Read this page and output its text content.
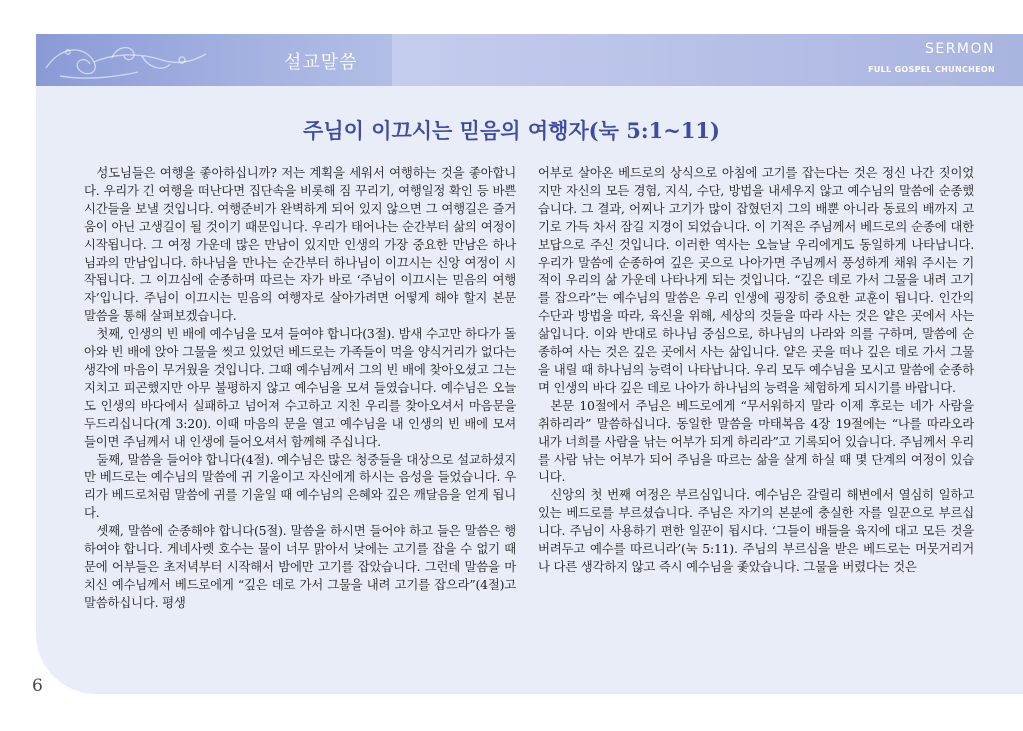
설교말씀
SERMON
FULL GOSPEL CHUNCHEON
주님이 이끄시는 믿음의 여행자(눅 5:1~11)

성도님들은 여행을 좋아하십니까? 저는 계획을 세워서 여행하는 것을 좋아합니다. 우리가 긴 여행을 떠난다면 집단속을 비롯해 짐 꾸리기, 여행일정 확인 등 바쁜 시간들을 보낼 것입니다. 여행준비가 완벽하게 되어 있지 않으면 그 여행길은 즐거움이 아닌 고생길이 될 것이기 때문입니다. 우리가 태어나는 순간부터 삶의 여정이 시작됩니다. 그 여정 가운데 많은 만남이 있지만 인생의 가장 중요한 만남은 하나님과의 만남입니다. 하나님을 만나는 순간부터 하나님이 이끄시는 신앙 여정이 시작됩니다. 그 이끄심에 순종하며 따르는 자가 바로 ‘주님이 이끄시는 믿음의 여행자’입니다. 주님이 이끄시는 믿음의 여행자로 살아가려면 어떻게 해야 할지 본문 말씀을 통해 살펴보겠습니다.

첫째, 인생의 빈 배에 예수님을 모셔 들여야 합니다(3절). 밤새 수고만 하다가 돌아와 빈 배에 앉아 그물을 씻고 있었던 베드로는 가족들이 먹을 양식거리가 없다는 생각에 마음이 무거웠을 것입니다. 그때 예수님께서 그의 빈 배에 찾아오셨고 그는 지치고 피곤했지만 아무 불평하지 않고 예수님을 모셔 들였습니다. 예수님은 오늘도 인생의 바다에서 실패하고 넘어져 수고하고 지친 우리를 찾아오셔서 마음문을 두드리십니다(계 3:20). 이때 마음의 문을 열고 예수님을 내 인생의 빈 배에 모셔 들이면 주님께서 내 인생에 들어오셔서 함께해 주십니다.

둘째, 말씀을 들어야 합니다(4절). 예수님은 많은 청중들을 대상으로 설교하셨지만 베드로는 예수님의 말씀에 귀 기울이고 자신에게 하시는 음성을 들었습니다. 우리가 베드로처럼 말씀에 귀를 기울일 때 예수님의 은혜와 깊은 깨달음을 얻게 됩니다.

셋째, 말씀에 순종해야 합니다(5절). 말씀을 하시면 들어야 하고 들은 말씀은 행하여야 합니다. 게네사렛 호수는 물이 너무 맑아서 낮에는 고기를 잡을 수 없기 때문에 어부들은 초저녁부터 시작해서 밤에만 고기를 잡았습니다. 그런데 말씀을 마치신 예수님께서 베드로에게 “깊은 데로 가서 그물을 내려 고기를 잡으라”(4절)고 말씀하십니다. 평생

어부로 살아온 베드로의 상식으로 아침에 고기를 잡는다는 것은 정신 나간 짓이었지만 자신의 모든 경험, 지식, 수단, 방법을 내세우지 않고 예수님의 말씀에 순종했습니다. 그 결과, 어찌나 고기가 많이 잡혔던지 그의 배뿐 아니라 동료의 배까지 고기로 가득 차서 잠길 지경이 되었습니다. 이 기적은 주님께서 베드로의 순종에 대한 보답으로 주신 것입니다. 이러한 역사는 오늘날 우리에게도 동일하게 나타납니다. 우리가 말씀에 순종하여 깊은 곳으로 나아가면 주님께서 풍성하게 채워 주시는 기적이 우리의 삶 가운데 나타나게 되는 것입니다. “깊은 데로 가서 그물을 내려 고기를 잡으라”는 예수님의 말씀은 우리 인생에 굉장히 중요한 교훈이 됩니다. 인간의 수단과 방법을 따라, 육신을 위해, 세상의 것들을 따라 사는 것은 얕은 곳에서 사는 삶입니다. 이와 반대로 하나님 중심으로, 하나님의 나라와 의를 구하며, 말씀에 순종하여 사는 것은 깊은 곳에서 사는 삶입니다. 얕은 곳을 떠나 깊은 데로 가서 그물을 내릴 때 하나님의 능력이 나타납니다. 우리 모두 예수님을 모시고 말씀에 순종하며 인생의 바다 깊은 데로 나아가 하나님의 능력을 체험하게 되시기를 바랍니다.

본문 10절에서 주님은 베드로에게 “무서워하지 말라 이제 후로는 네가 사람을 취하리라” 말씀하십니다. 동일한 말씀을 마태복음 4장 19절에는 “나를 따라오라 내가 너희를 사람을 낚는 어부가 되게 하리라”고 기록되어 있습니다. 주님께서 우리를 사람 낚는 어부가 되어 주님을 따르는 삶을 살게 하실 때 몇 단계의 여정이 있습니다.

신앙의 첫 번째 여정은 부르심입니다. 예수님은 갈릴리 해변에서 열심히 일하고 있는 베드로를 부르셨습니다. 주님은 자기의 본분에 충실한 자를 일꾼으로 부르십니다. 주님이 사용하기 편한 일꾼이 됩시다. ‘그들이 배들을 육지에 대고 모든 것을 버려두고 예수를 따르니라’(눅 5:11). 주님의 부르심을 받은 베드로는 머뭇거리거나 다른 생각하지 않고 즉시 예수님을 좇았습니다. 그물을 버렸다는 것은

6
